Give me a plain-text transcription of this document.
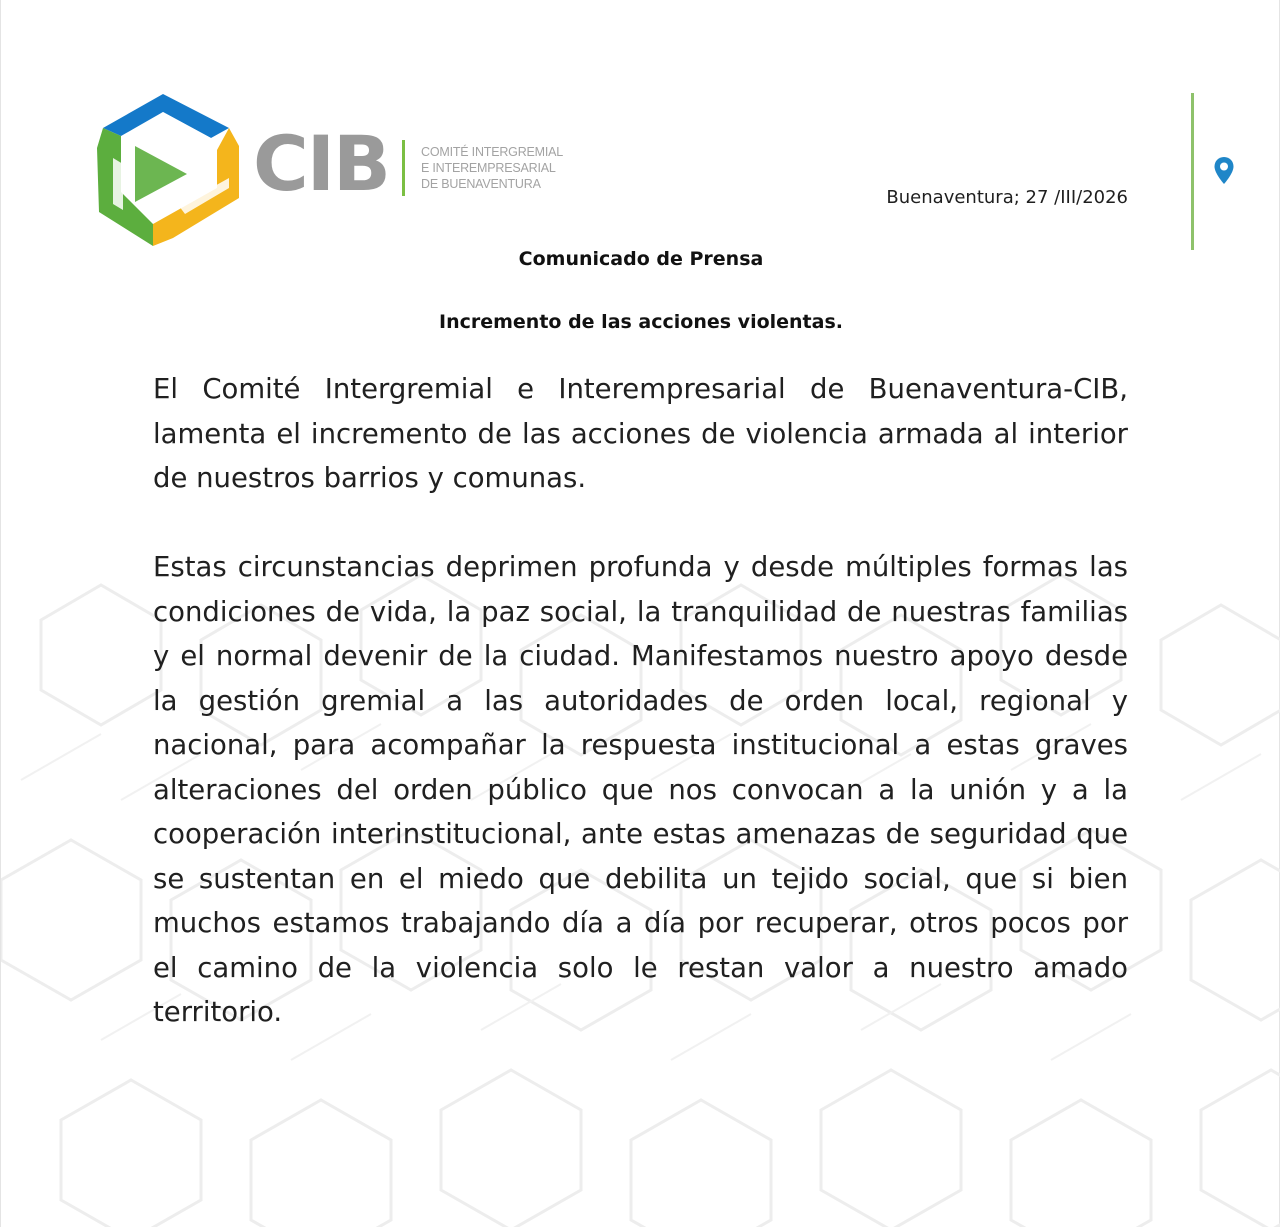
CIB	COMITÉ INTERGREMIAL
E INTEREMPRESARIAL
DE BUENAVENTURA
Buenaventura; 27 /III/2026
Comunicado de Prensa
Incremento de las acciones violentas.

El Comité Intergremial e Interempresarial de Buenaventura-CIB, lamenta el incremento de las acciones de violencia armada al interior de nuestros barrios y comunas.

Estas circunstancias deprimen profunda y desde múltiples formas las condiciones de vida, la paz social, la tranquilidad de nuestras familias y el normal devenir de la ciudad. Manifestamos nuestro apoyo desde la gestión gremial a las autoridades de orden local, regional y nacional, para acompañar la respuesta institucional a estas graves alteraciones del orden público que nos convocan a la unión y a la cooperación interinstitucional, ante estas amenazas de seguridad que se sustentan en el miedo que debilita un tejido social, que si bien muchos estamos trabajando día a día por recuperar, otros pocos por el camino de la violencia solo le restan valor a nuestro amado territorio.
